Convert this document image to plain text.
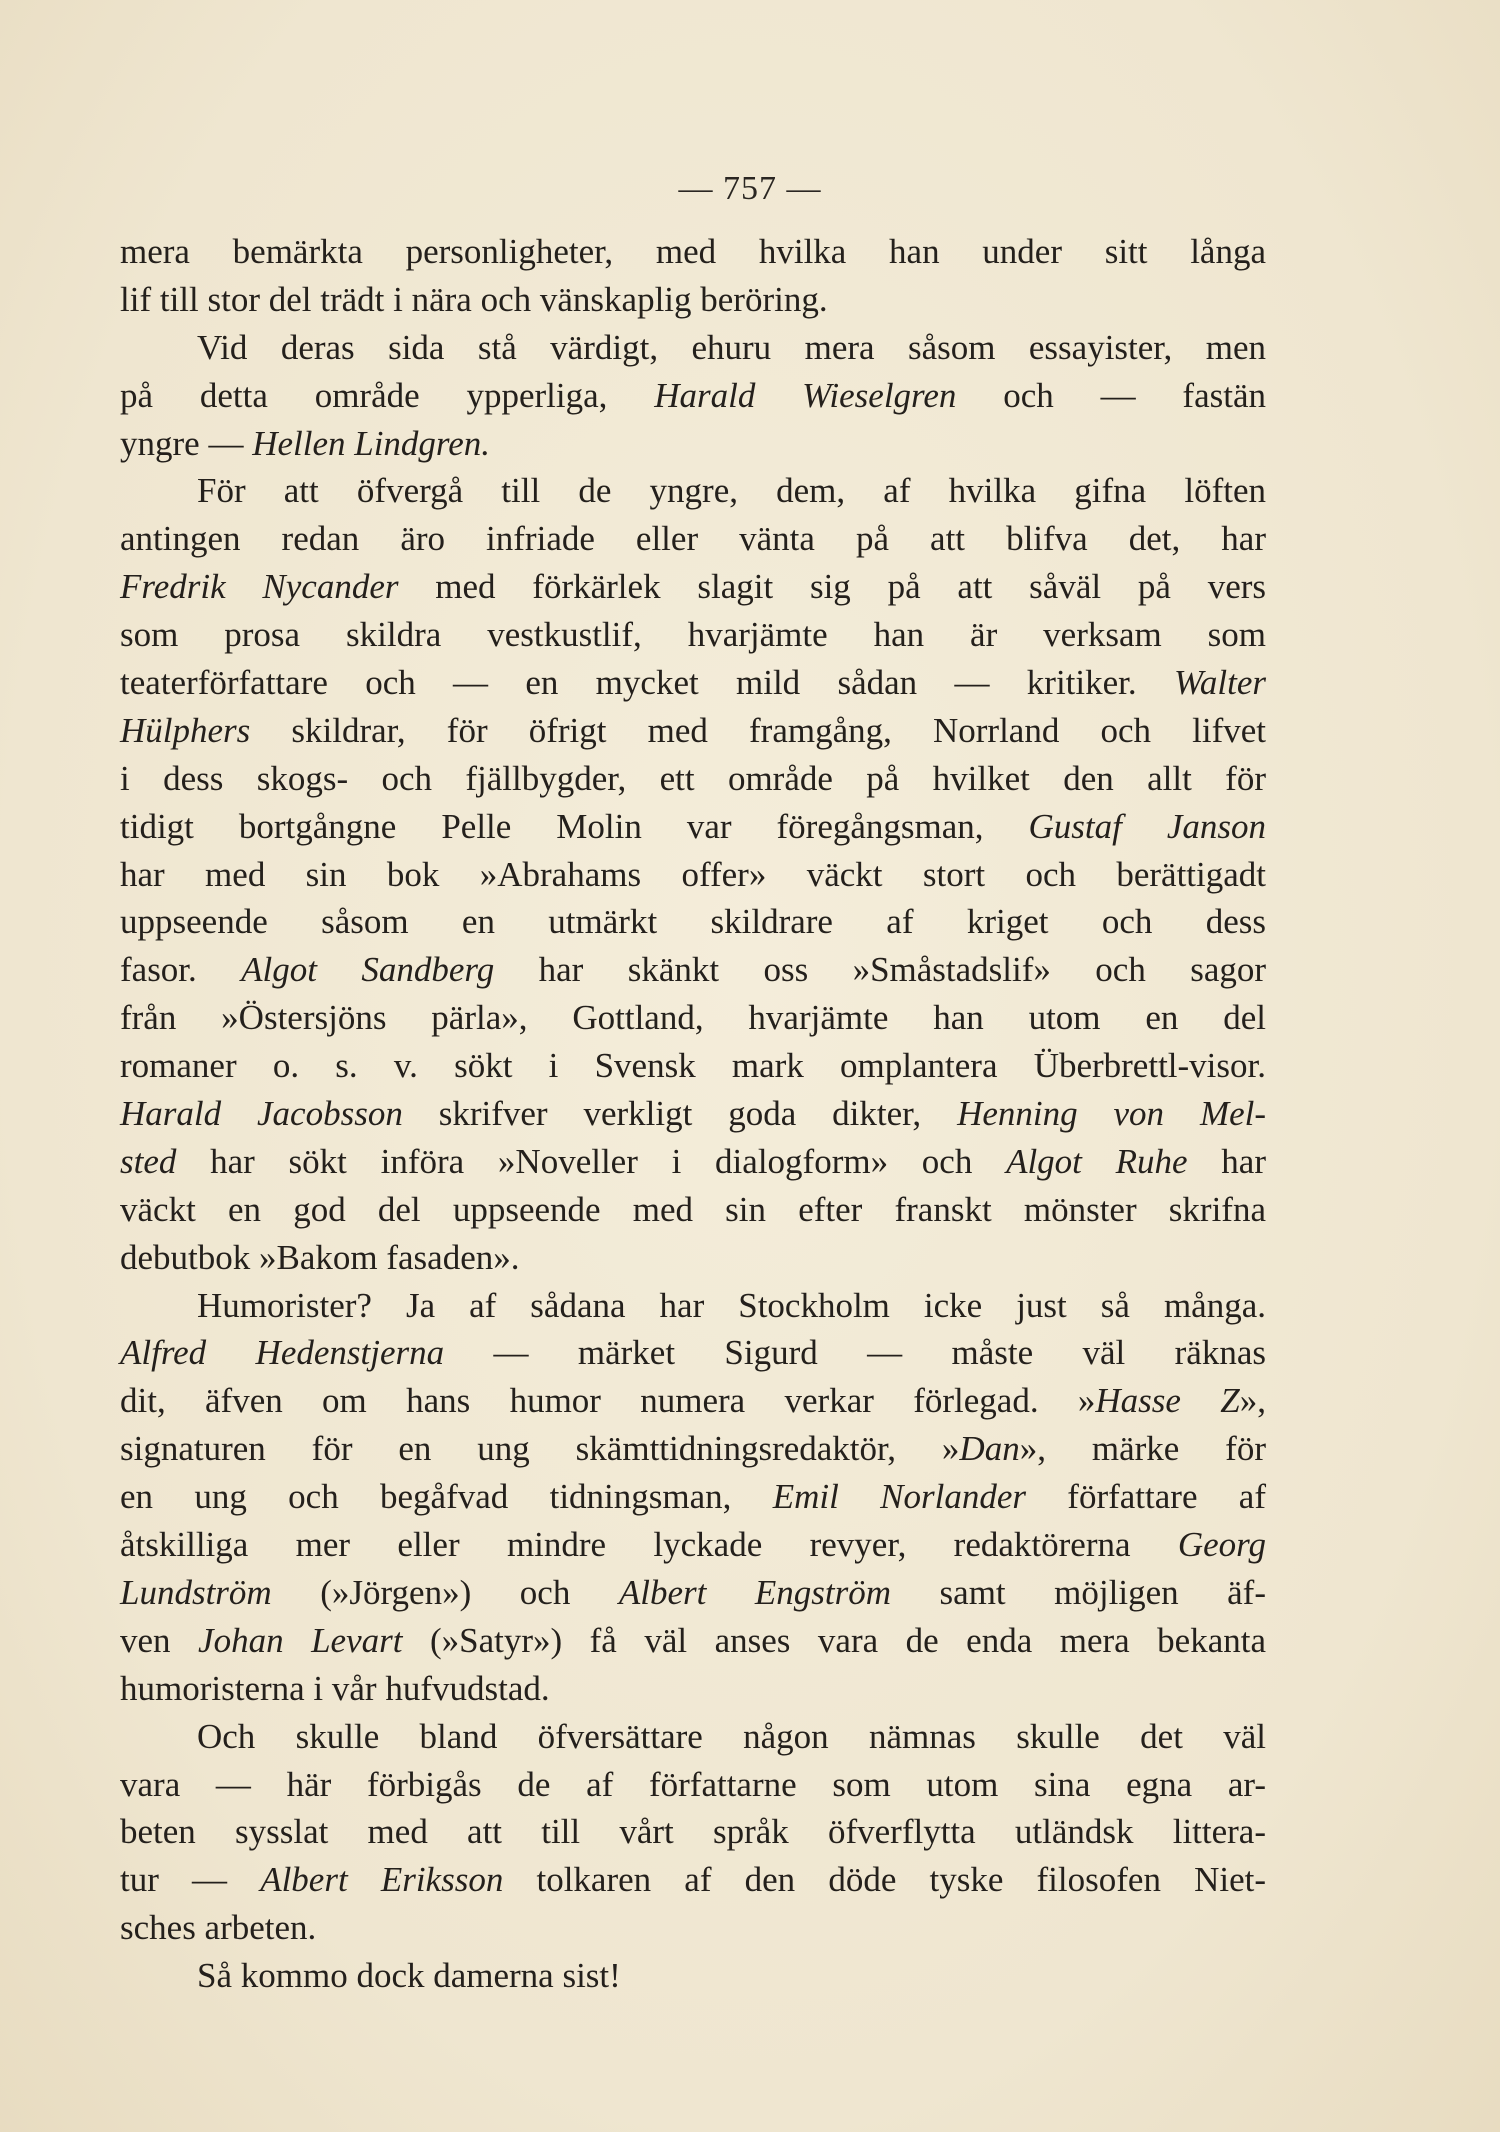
— 757 —
mera bemärkta personligheter, med hvilka han under sitt långa
lif till stor del trädt i nära och vänskaplig beröring.
Vid deras sida stå värdigt, ehuru mera såsom essayister, men
på detta område ypperliga, Harald Wieselgren och — fastän
yngre — Hellen Lindgren.
För att öfvergå till de yngre, dem, af hvilka gifna löften
antingen redan äro infriade eller vänta på att blifva det, har
Fredrik Nycander med förkärlek slagit sig på att såväl på vers
som prosa skildra vestkustlif, hvarjämte han är verksam som
teaterförfattare och — en mycket mild sådan — kritiker. Walter
Hülphers skildrar, för öfrigt med framgång, Norrland och lifvet
i dess skogs- och fjällbygder, ett område på hvilket den allt för
tidigt bortgångne Pelle Molin var föregångsman, Gustaf Janson
har med sin bok »Abrahams offer» väckt stort och berättigadt
uppseende såsom en utmärkt skildrare af kriget och dess
fasor. Algot Sandberg har skänkt oss »Småstadslif» och sagor
från »Östersjöns pärla», Gottland, hvarjämte han utom en del
romaner o. s. v. sökt i Svensk mark omplantera Überbrettl-visor.
Harald Jacobsson skrifver verkligt goda dikter, Henning von Mel-
sted har sökt införa »Noveller i dialogform» och Algot Ruhe har
väckt en god del uppseende med sin efter franskt mönster skrifna
debutbok »Bakom fasaden».
Humorister? Ja af sådana har Stockholm icke just så många.
Alfred Hedenstjerna — märket Sigurd — måste väl räknas
dit, äfven om hans humor numera verkar förlegad. »Hasse Z»,
signaturen för en ung skämttidningsredaktör, »Dan», märke för
en ung och begåfvad tidningsman, Emil Norlander författare af
åtskilliga mer eller mindre lyckade revyer, redaktörerna Georg
Lundström (»Jörgen») och Albert Engström samt möjligen äf-
ven Johan Levart (»Satyr») få väl anses vara de enda mera bekanta
humoristerna i vår hufvudstad.
Och skulle bland öfversättare någon nämnas skulle det väl
vara — här förbigås de af författarne som utom sina egna ar-
beten sysslat med att till vårt språk öfverflytta utländsk littera-
tur — Albert Eriksson tolkaren af den döde tyske filosofen Niet-
sches arbeten.
Så kommo dock damerna sist!
